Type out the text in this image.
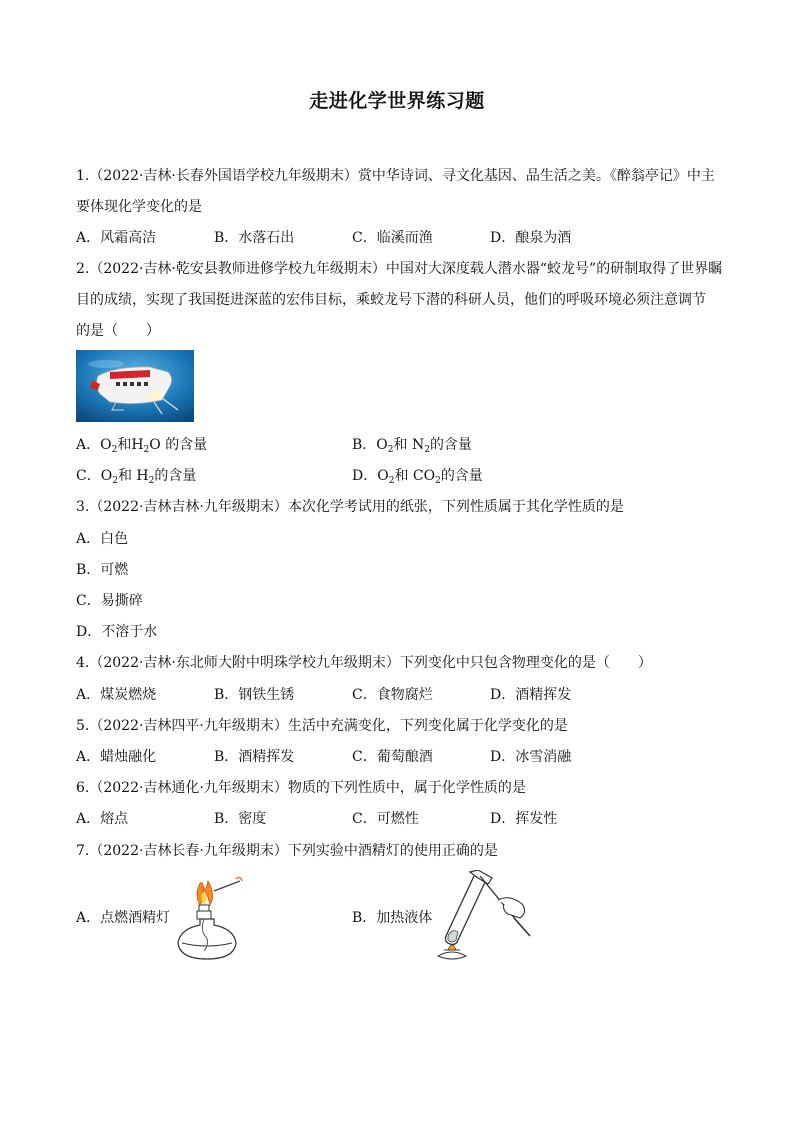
走进化学世界练习题
1.（2022·吉林·长春外国语学校九年级期末）赏中华诗词、寻文化基因、品生活之美。《醉翁亭记》中主
要体现化学变化的是
A．风霜高洁	B．水落石出	C．临溪而渔	D．酿泉为酒
2.（2022·吉林·乾安县教师进修学校九年级期末）中国对大深度载人潜水器“蛟龙号”的研制取得了世界瞩
目的成绩，实现了我国挺进深蓝的宏伟目标，乘蛟龙号下潜的科研人员，他们的呼吸环境必须注意调节
的是（　　）
A．$O_2$和$H_2O$ 的含量	B．$O_2$和 $N_2$的含量
C．$O_2$和 $H_2$的含量	D．$O_2$和 $CO_2$的含量
3.（2022·吉林吉林·九年级期末）本次化学考试用的纸张，下列性质属于其化学性质的是
A．白色
B．可燃
C．易撕碎
D．不溶于水
4.（2022·吉林·东北师大附中明珠学校九年级期末）下列变化中只包含物理变化的是（　　）
A．煤炭燃烧	B．钢铁生锈	C．食物腐烂	D．酒精挥发
5.（2022·吉林四平·九年级期末）生活中充满变化，下列变化属于化学变化的是
A．蜡烛融化	B．酒精挥发	C．葡萄酿酒	D．冰雪消融
6.（2022·吉林通化·九年级期末）物质的下列性质中，属于化学性质的是
A．熔点	B．密度	C．可燃性	D．挥发性
7.（2022·吉林长春·九年级期末）下列实验中酒精灯的使用正确的是
A．点燃酒精灯	B．加热液体
